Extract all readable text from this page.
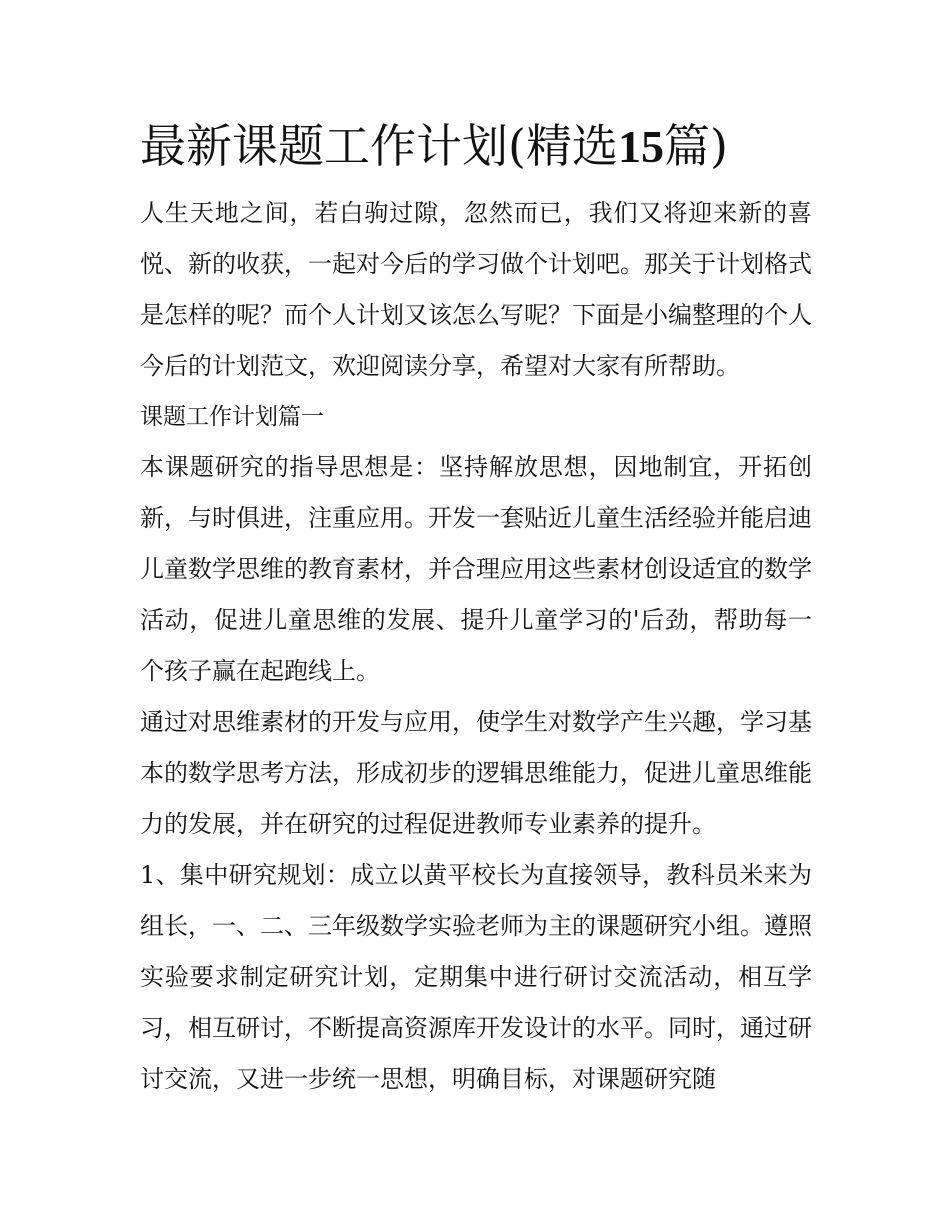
最新课题工作计划(精选15篇)

人生天地之间，若白驹过隙，忽然而已，我们又将迎来新的喜悦、新的收获，一起对今后的学习做个计划吧。那关于计划格式是怎样的呢？而个人计划又该怎么写呢？下面是小编整理的个人今后的计划范文，欢迎阅读分享，希望对大家有所帮助。

课题工作计划篇一

本课题研究的指导思想是：坚持解放思想，因地制宜，开拓创新，与时俱进，注重应用。开发一套贴近儿童生活经验并能启迪儿童数学思维的教育素材，并合理应用这些素材创设适宜的数学活动，促进儿童思维的发展、提升儿童学习的'后劲，帮助每一个孩子赢在起跑线上。

通过对思维素材的开发与应用，使学生对数学产生兴趣，学习基本的数学思考方法，形成初步的逻辑思维能力，促进儿童思维能力的发展，并在研究的过程促进教师专业素养的提升。

1、集中研究规划：成立以黄平校长为直接领导，教科员米来为组长，一、二、三年级数学实验老师为主的课题研究小组。遵照实验要求制定研究计划，定期集中进行研讨交流活动，相互学习，相互研讨，不断提高资源库开发设计的水平。同时，通过研讨交流，又进一步统一思想，明确目标，对课题研究随
